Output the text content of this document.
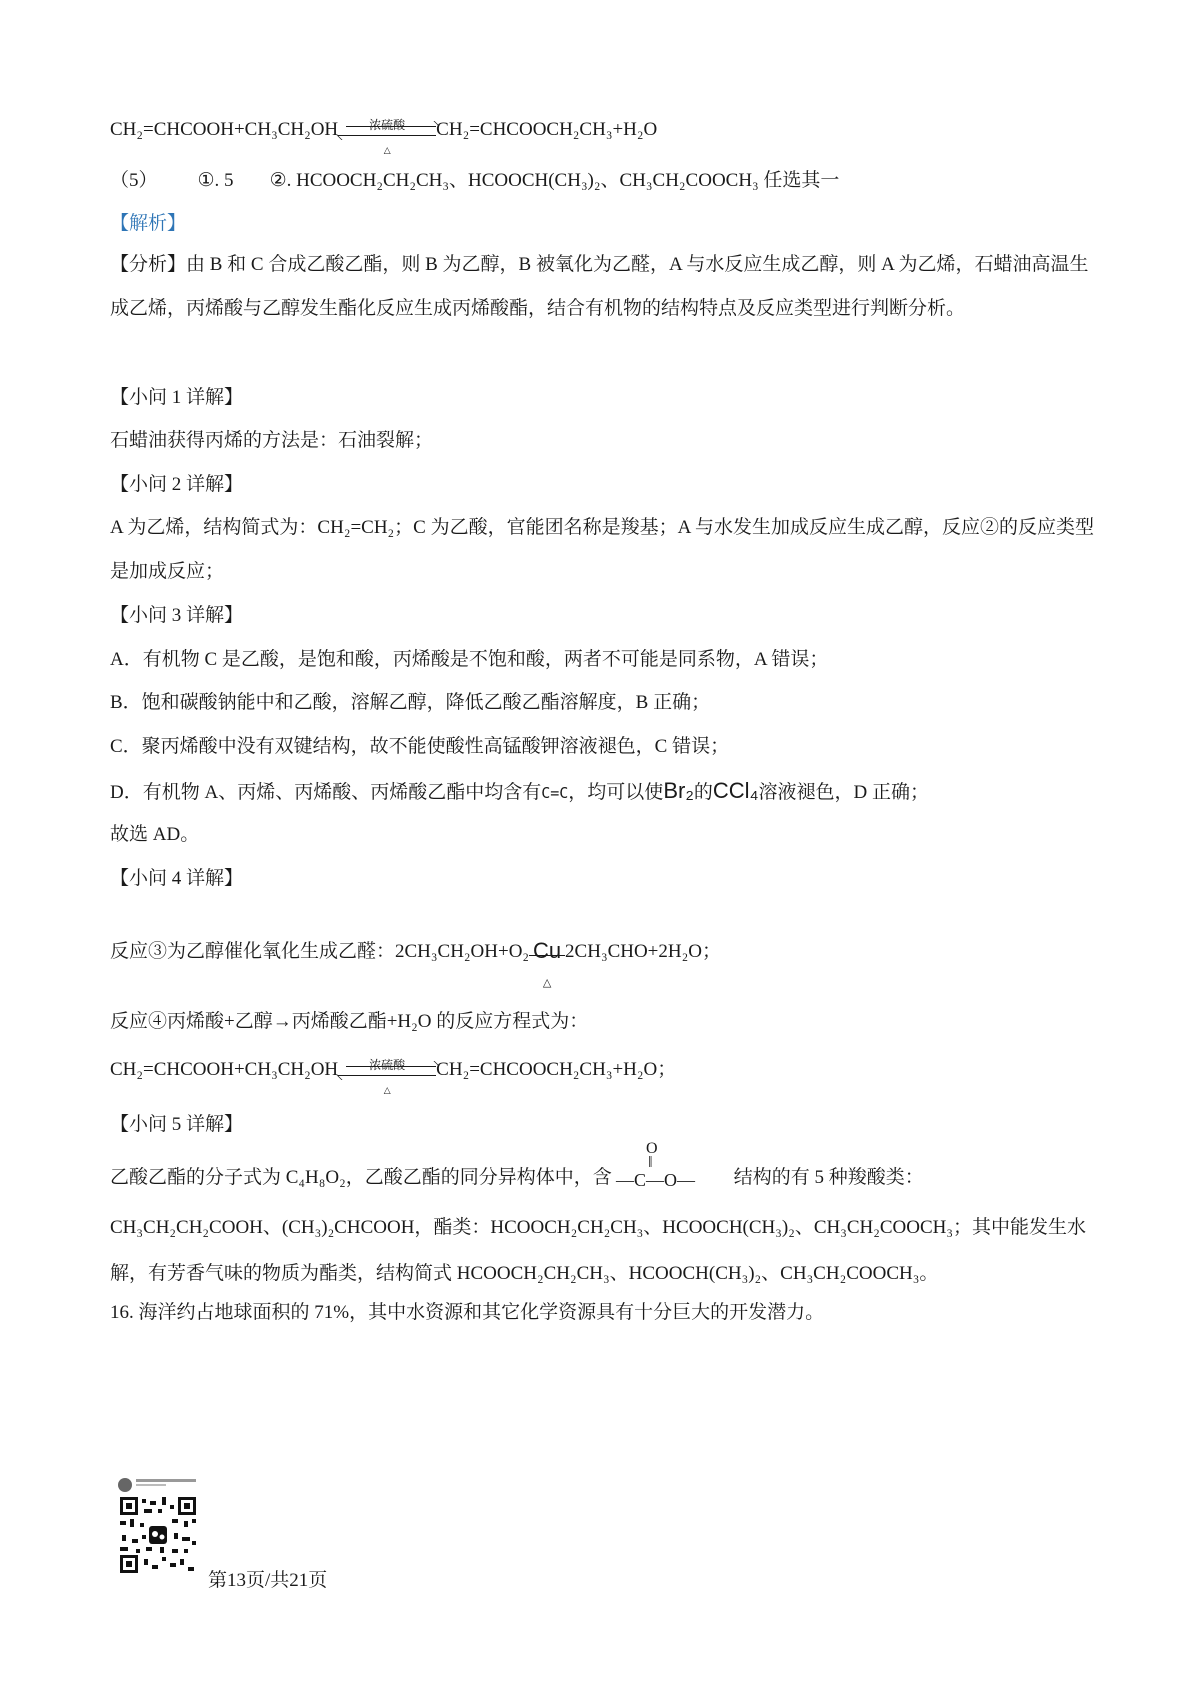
CH₂=CHCOOH+CH₃CH₂OH	浓硫酸
△
CH₂=CHCOOCH₂CH₃+H₂O
（5） ①. 5 ②. HCOOCH₂CH₂CH₃、HCOOCH(CH₃)₂、CH₃CH₂COOCH₃ 任选其一
【解析】
【分析】由 B 和 C 合成乙酸乙酯，则 B 为乙醇，B 被氧化为乙醛，A 与水反应生成乙醇，则 A 为乙烯，石蜡油高温生成乙烯，丙烯酸与乙醇发生酯化反应生成丙烯酸酯，结合有机物的结构特点及反应类型进行判断分析。
【小问 1 详解】
石蜡油获得丙烯的方法是：石油裂解；
【小问 2 详解】
A 为乙烯，结构简式为：CH₂=CH₂；C 为乙酸，官能团名称是羧基；A 与水发生加成反应生成乙醇，反应②的反应类型是加成反应；
【小问 3 详解】
A．有机物 C 是乙酸，是饱和酸，丙烯酸是不饱和酸，两者不可能是同系物，A 错误；
B．饱和碳酸钠能中和乙酸，溶解乙醇，降低乙酸乙酯溶解度，B 正确；
C．聚丙烯酸中没有双键结构，故不能使酸性高锰酸钾溶液褪色，C 错误；
D．有机物 A、丙烯、丙烯酸、丙烯酸乙酯中均含有C=C，均可以使Br₂的CCl₄溶液褪色，D 正确；
故选 AD。
【小问 4 详解】
反应③为乙醇催化氧化生成乙醛：2CH₃CH₂OH+O₂ Cu
△
2CH₃CHO+2H₂O；
反应④丙烯酸+乙醇→丙烯酸乙酯+H₂O 的反应方程式为：
CH₂=CHCOOH+CH₃CH₂OH	浓硫酸
△
CH₂=CHCOOCH₂CH₃+H₂O；
【小问 5 详解】
乙酸乙酯的分子式为 C₄H₈O₂，乙酸乙酯的同分异构体中，含	结构的有 5 种羧酸类：
O
‖
—C—O—
CH₃CH₂CH₂COOH、(CH₃)₂CHCOOH，酯类：HCOOCH₂CH₂CH₃、HCOOCH(CH₃)₂、CH₃CH₂COOCH₃；其中能发生水解，有芳香气味的物质为酯类，结构简式 HCOOCH₂CH₂CH₃、HCOOCH(CH₃)₂、CH₃CH₂COOCH₃。
16. 海洋约占地球面积的 71%，其中水资源和其它化学资源具有十分巨大的开发潜力。
第13页/共21页
